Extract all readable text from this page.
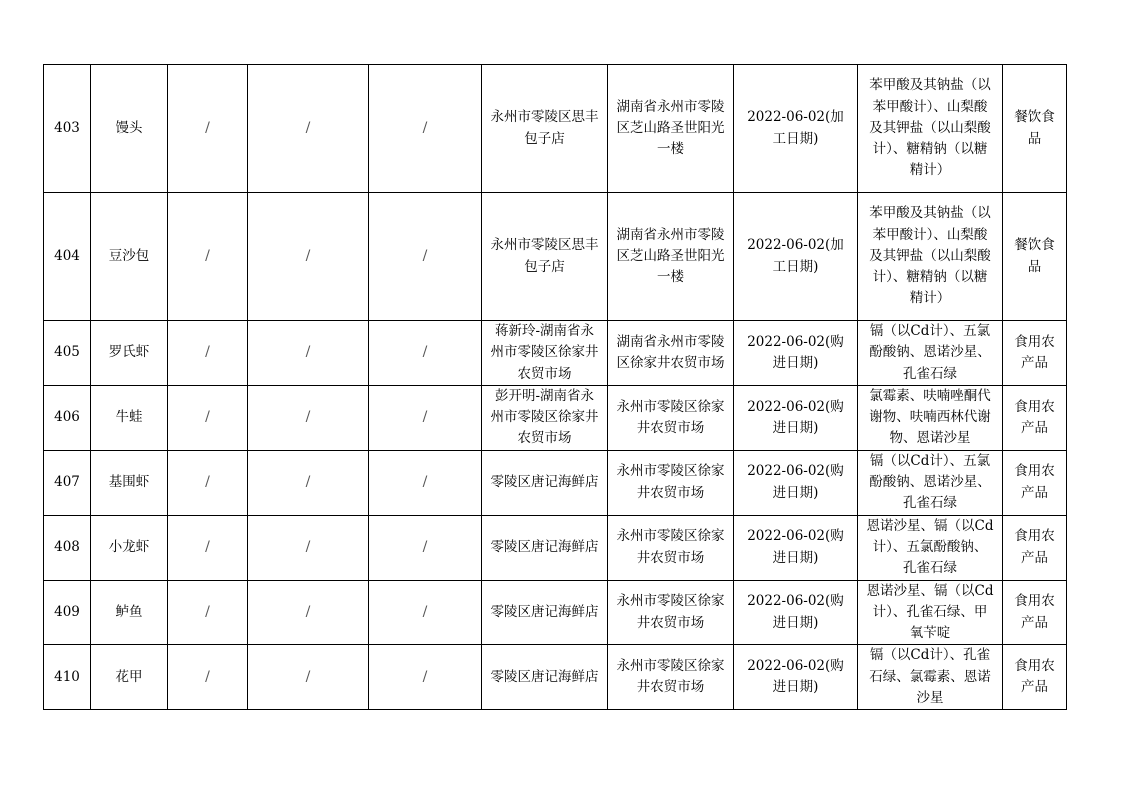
403	馒头	/	/	/	永州市零陵区思丰包子店	湖南省永州市零陵区芝山路圣世阳光一楼	2022-06-02(加工日期)	苯甲酸及其钠盐（以苯甲酸计）、山梨酸及其钾盐（以山梨酸计）、糖精钠（以糖精计）	餐饮食品
404	豆沙包	/	/	/	永州市零陵区思丰包子店	湖南省永州市零陵区芝山路圣世阳光一楼	2022-06-02(加工日期)	苯甲酸及其钠盐（以苯甲酸计）、山梨酸及其钾盐（以山梨酸计）、糖精钠（以糖精计）	餐饮食品
405	罗氏虾	/	/	/	蒋新玲-湖南省永州市零陵区徐家井农贸市场	湖南省永州市零陵区徐家井农贸市场	2022-06-02(购进日期)	镉（以Cd计）、五氯酚酸钠、恩诺沙星、孔雀石绿	食用农产品
406	牛蛙	/	/	/	彭开明-湖南省永州市零陵区徐家井农贸市场	永州市零陵区徐家井农贸市场	2022-06-02(购进日期)	氯霉素、呋喃唑酮代谢物、呋喃西林代谢物、恩诺沙星	食用农产品
407	基围虾	/	/	/	零陵区唐记海鲜店	永州市零陵区徐家井农贸市场	2022-06-02(购进日期)	镉（以Cd计）、五氯酚酸钠、恩诺沙星、孔雀石绿	食用农产品
408	小龙虾	/	/	/	零陵区唐记海鲜店	永州市零陵区徐家井农贸市场	2022-06-02(购进日期)	恩诺沙星、镉（以Cd计）、五氯酚酸钠、孔雀石绿	食用农产品
409	鲈鱼	/	/	/	零陵区唐记海鲜店	永州市零陵区徐家井农贸市场	2022-06-02(购进日期)	恩诺沙星、镉（以Cd计）、孔雀石绿、甲氧苄啶	食用农产品
410	花甲	/	/	/	零陵区唐记海鲜店	永州市零陵区徐家井农贸市场	2022-06-02(购进日期)	镉（以Cd计）、孔雀石绿、氯霉素、恩诺沙星	食用农产品
